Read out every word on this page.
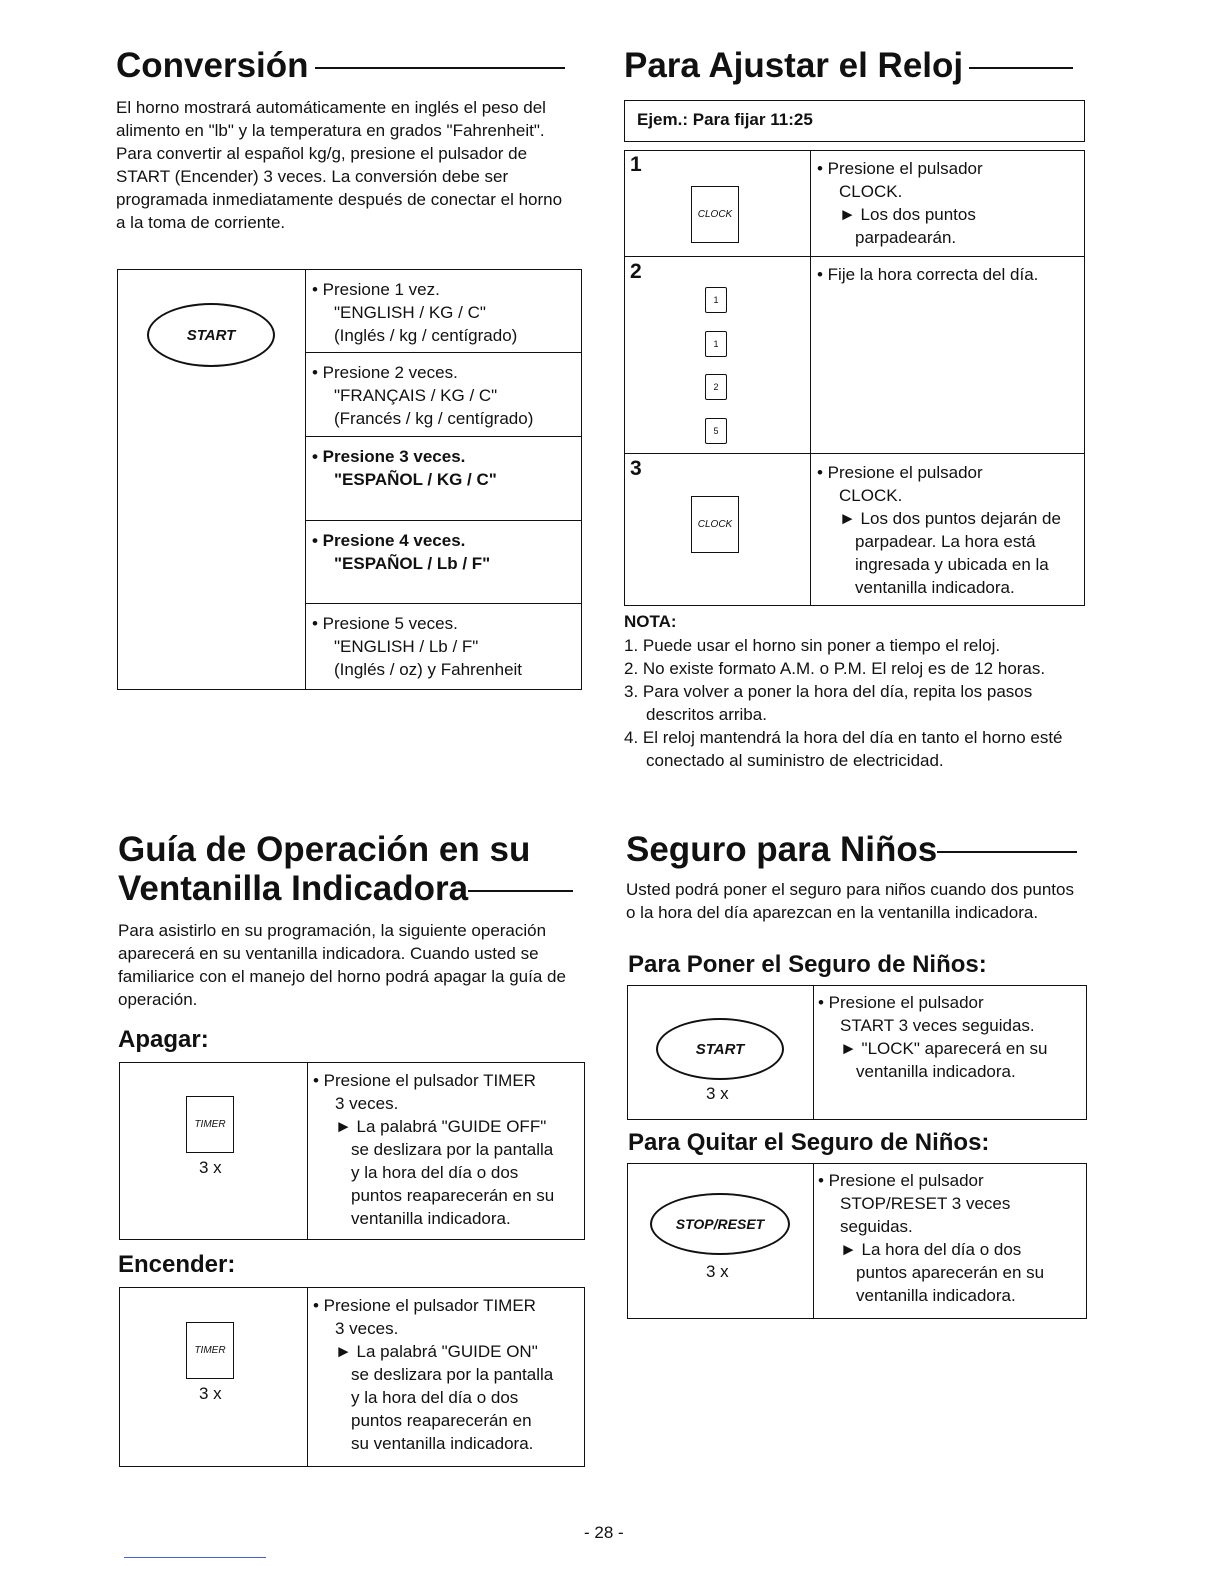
Conversión

El horno mostrará automáticamente en inglés el peso del alimento en "lb" y la temperatura en grados "Fahrenheit". Para convertir al español kg/g, presione el pulsador de START (Encender) 3 veces. La conversión debe ser programada inmediatamente después de conectar el horno a la toma de corriente.

START
• Presione 1 vez.
"ENGLISH / KG / C"
(Inglés / kg / centígrado)
• Presione 2 veces.
"FRANÇAIS / KG / C"
(Francés / kg / centígrado)
• Presione 3 veces.
"ESPAÑOL / KG / C"
• Presione 4 veces.
"ESPAÑOL / Lb / F"
• Presione 5 veces.
"ENGLISH / Lb / F"
(Inglés / oz) y Fahrenheit
Para Ajustar el Reloj
Ejem.: Para fijar 11:25
1
CLOCK
• Presione el pulsador
CLOCK.
► Los dos puntos
parpadearán.
2
1
1
2
5
• Fije la hora correcta del día.
3
CLOCK
• Presione el pulsador
CLOCK.
► Los dos puntos dejarán de
parpadear. La hora está
ingresada y ubicada en la
ventanilla indicadora.
NOTA:
1. Puede usar el horno sin poner a tiempo el reloj.
2. No existe formato A.M. o P.M. El reloj es de 12 horas.
3. Para volver a poner la hora del día, repita los pasos descritos arriba.
4. El reloj mantendrá la hora del día en tanto el horno esté conectado al suministro de electricidad.
Guía de Operación en su
Ventanilla Indicadora

Para asistirlo en su programación, la siguiente operación aparecerá en su ventanilla indicadora. Cuando usted se familiarice con el manejo del horno podrá apagar la guía de operación.

Apagar:
TIMER
3 x
• Presione el pulsador TIMER
3 veces.
► La palabrá "GUIDE OFF"
se deslizara por la pantalla
y la hora del día o dos
puntos reaparecerán en su
ventanilla indicadora.
Encender:
TIMER
3 x
• Presione el pulsador TIMER
3 veces.
► La palabrá "GUIDE ON"
se deslizara por la pantalla
y la hora del día o dos
puntos reaparecerán en
su ventanilla indicadora.
Seguro para Niños

Usted podrá poner el seguro para niños cuando dos puntos o la hora del día aparezcan en la ventanilla indicadora.

Para Poner el Seguro de Niños:
START
3 x
• Presione el pulsador
START 3 veces seguidas.
► "LOCK" aparecerá en su
ventanilla indicadora.
Para Quitar el Seguro de Niños:
STOP/RESET
3 x
• Presione el pulsador
STOP/RESET 3 veces
seguidas.
► La hora del día o dos
puntos aparecerán en su
ventanilla indicadora.
- 28 -
